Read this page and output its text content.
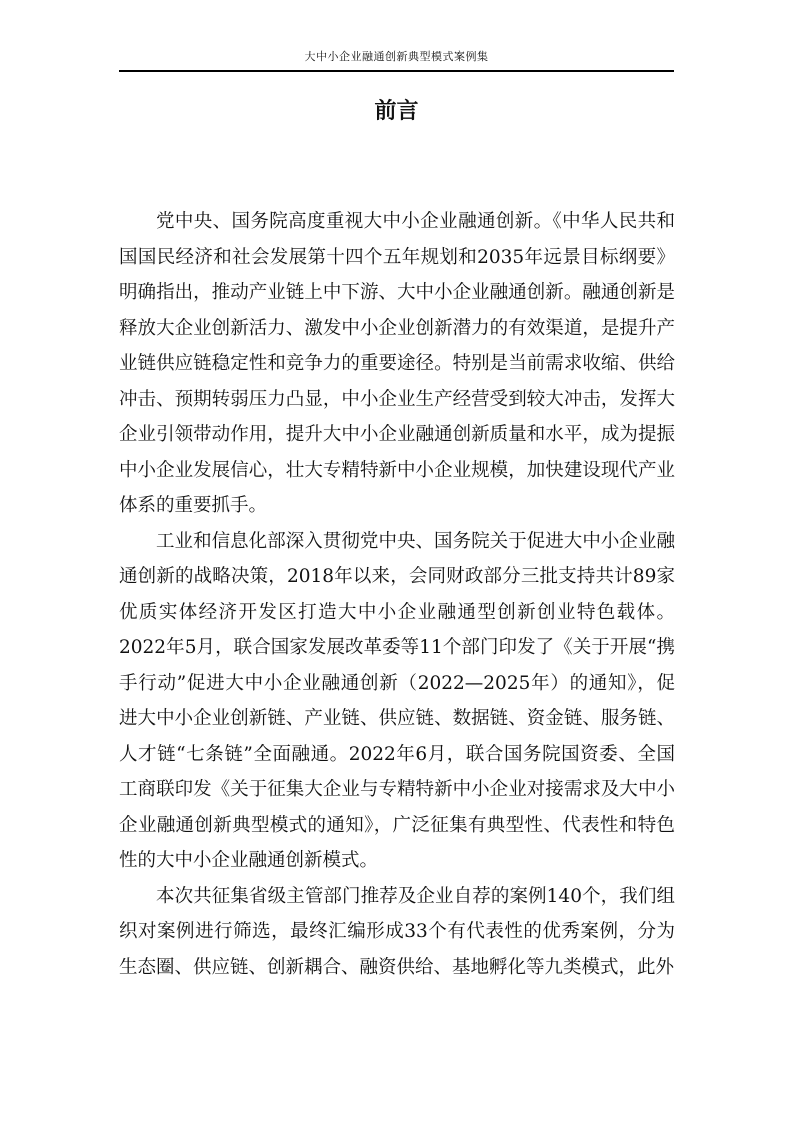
大中小企业融通创新典型模式案例集
前言

党中央、国务院高度重视大中小企业融通创新。《中华人民共和国国民经济和社会发展第十四个五年规划和2035年远景目标纲要》明确指出，推动产业链上中下游、大中小企业融通创新。融通创新是释放大企业创新活力、激发中小企业创新潜力的有效渠道，是提升产业链供应链稳定性和竞争力的重要途径。特别是当前需求收缩、供给冲击、预期转弱压力凸显，中小企业生产经营受到较大冲击，发挥大企业引领带动作用，提升大中小企业融通创新质量和水平，成为提振中小企业发展信心，壮大专精特新中小企业规模，加快建设现代产业体系的重要抓手。

工业和信息化部深入贯彻党中央、国务院关于促进大中小企业融通创新的战略决策，2018年以来，会同财政部分三批支持共计89家优质实体经济开发区打造大中小企业融通型创新创业特色载体。2022年5月，联合国家发展改革委等11个部门印发了《关于开展“携手行动”促进大中小企业融通创新（2022—2025年）的通知》，促进大中小企业创新链、产业链、供应链、数据链、资金链、服务链、人才链“七条链”全面融通。2022年6月，联合国务院国资委、全国工商联印发《关于征集大企业与专精特新中小企业对接需求及大中小企业融通创新典型模式的通知》，广泛征集有典型性、代表性和特色性的大中小企业融通创新模式。

本次共征集省级主管部门推荐及企业自荐的案例140个，我们组织对案例进行筛选，最终汇编形成33个有代表性的优秀案例，分为生态圈、供应链、创新耦合、融资供给、基地孵化等九类模式，此外
